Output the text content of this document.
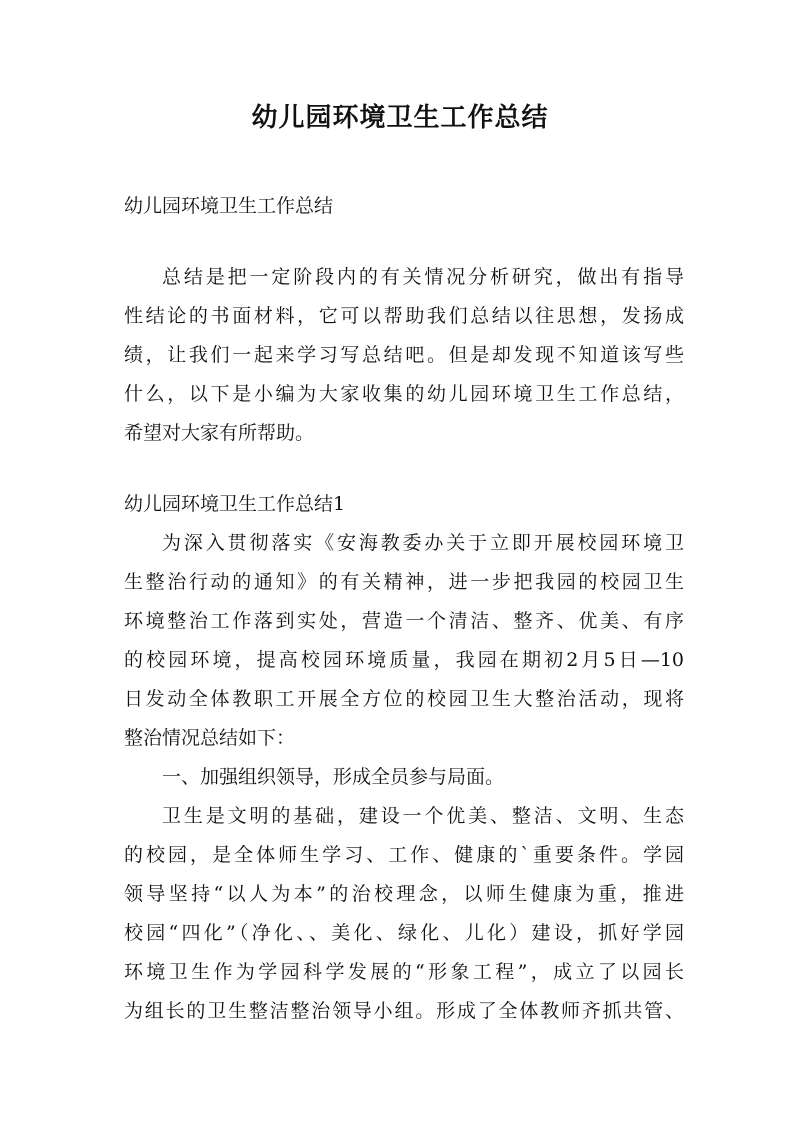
幼儿园环境卫生工作总结
幼儿园环境卫生工作总结
总结是把一定阶段内的有关情况分析研究，做出有指导
性结论的书面材料，它可以帮助我们总结以往思想，发扬成
绩，让我们一起来学习写总结吧。但是却发现不知道该写些
什么，以下是小编为大家收集的幼儿园环境卫生工作总结，
希望对大家有所帮助。
幼儿园环境卫生工作总结1
为深入贯彻落实《安海教委办关于立即开展校园环境卫
生整治行动的通知》的有关精神，进一步把我园的校园卫生
环境整治工作落到实处，营造一个清洁、整齐、优美、有序
的校园环境，提高校园环境质量，我园在期初2月5日—10
日发动全体教职工开展全方位的校园卫生大整治活动，现将
整治情况总结如下：
一、加强组织领导，形成全员参与局面。
卫生是文明的基础，建设一个优美、整洁、文明、生态
的校园，是全体师生学习、工作、健康的`重要条件。学园
领导坚持“以人为本”的治校理念，以师生健康为重，推进
校园“四化”（净化、、美化、绿化、儿化）建设，抓好学园
环境卫生作为学园科学发展的“形象工程”，成立了以园长
为组长的卫生整洁整治领导小组。形成了全体教师齐抓共管、
